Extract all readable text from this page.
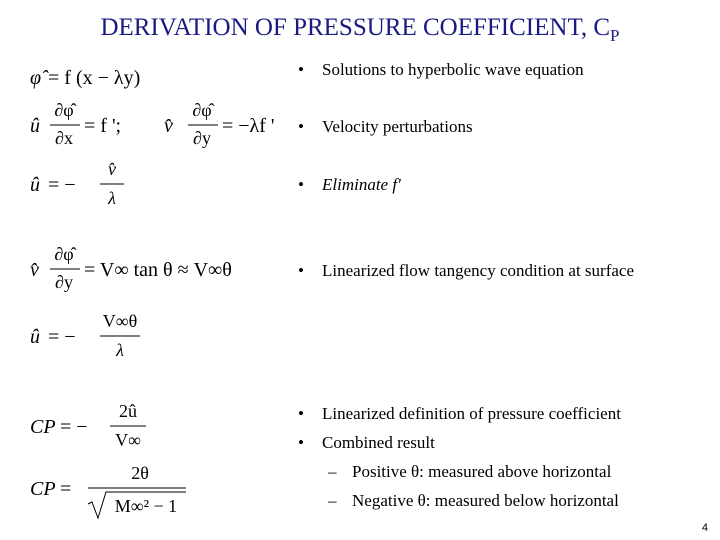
DERIVATION OF PRESSURE COEFFICIENT, $C_P$
φ̂ = f (x − λy)
û
∂φ̂
∂x
= f '; v̂
∂φ̂
∂y
= −λf '
û = −
v̂
λ
v̂
∂φ̂
∂y
= V∞ tan θ ≈ V∞θ
û = −
V∞θ
λ
CP = −
2û
V∞
CP =
2θ
M∞² − 1
• Solutions to hyperbolic wave equation
• Velocity perturbations
• Eliminate f'
• Linearized flow tangency condition at surface
• Linearized definition of pressure coefficient
• Combined result
– Positive θ: measured above horizontal
– Negative θ: measured below horizontal
4
